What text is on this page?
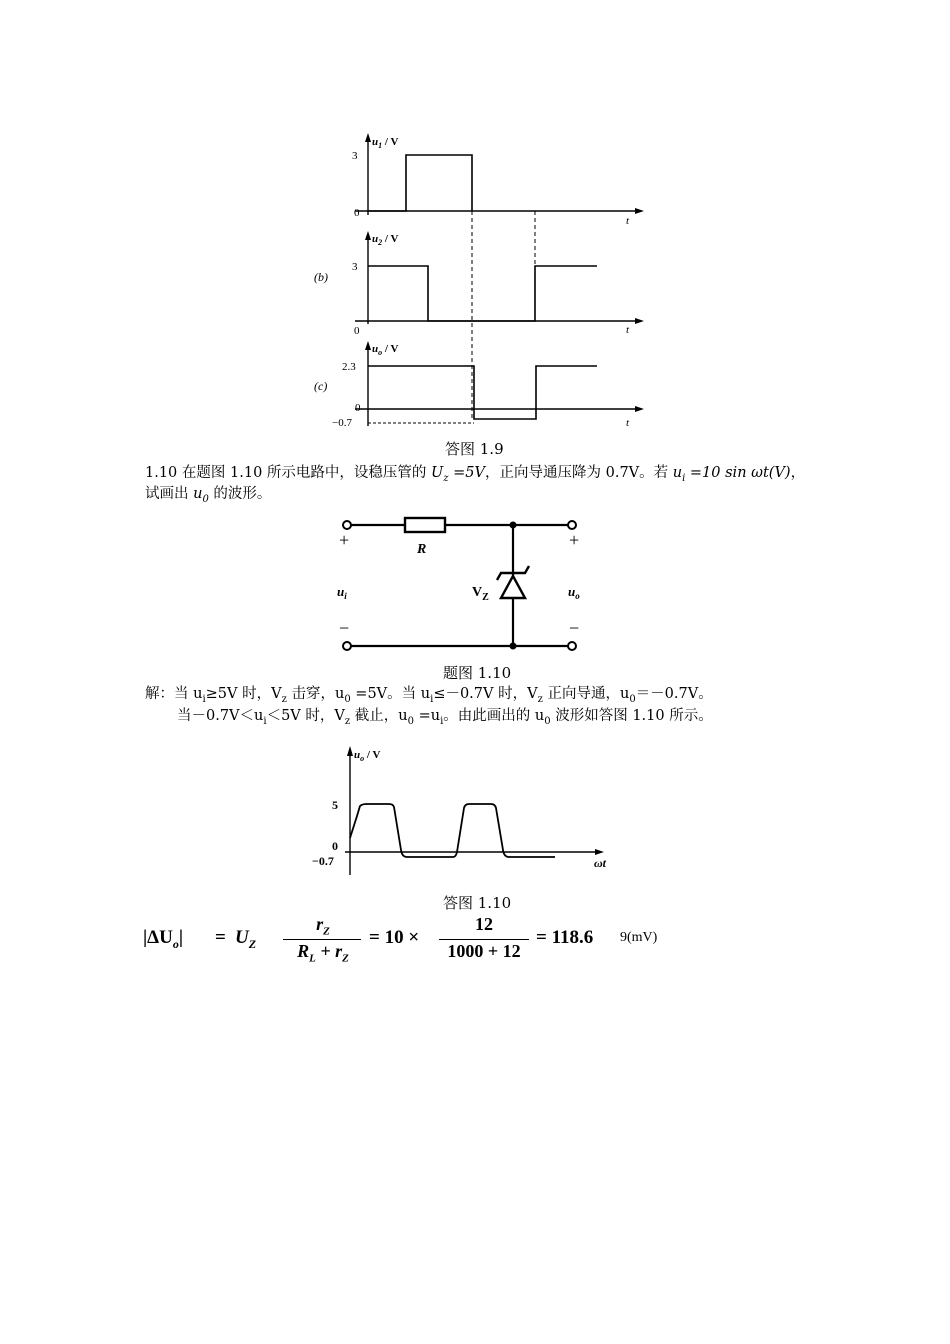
$u_1$ / V
3
0
t
$u_2$ / V
3
(b)
0	t
$u_o$ / V
2.3
(c)
0
−0.7	t
答图 1.9
1.10 在题图 1.10 所示电路中，设稳压管的 $U_z =5V$，正向导通压降为 0.7V。若 $u_i =10$ sin ωt(V)，
试画出 $u_0$ 的波形。
+	+
−	−
R
$V_Z$
$u_i$	$u_o$
题图 1.10
解：当 $u_i\ge 5V$ 时，$V_z$ 击穿，$u_0 =5V$。当 $u_i\le-0.7V$ 时，$V_z$ 正向导通，$u_0=-0.7V$。
当$-0.7V<u_i<5V$ 时，$V_z$ 截止，$u_0 =u_i$。由此画出的 $u_0$ 波形如答图 1.10 所示。
$u_o$ / V
5
0
−0.7	ωt
答图 1.10
$|\Delta U_o| = U_Z$
$r_Z$
$R_L + r_Z$
= 10 ×
12
1000 + 12
= 118.6 9(mV)
